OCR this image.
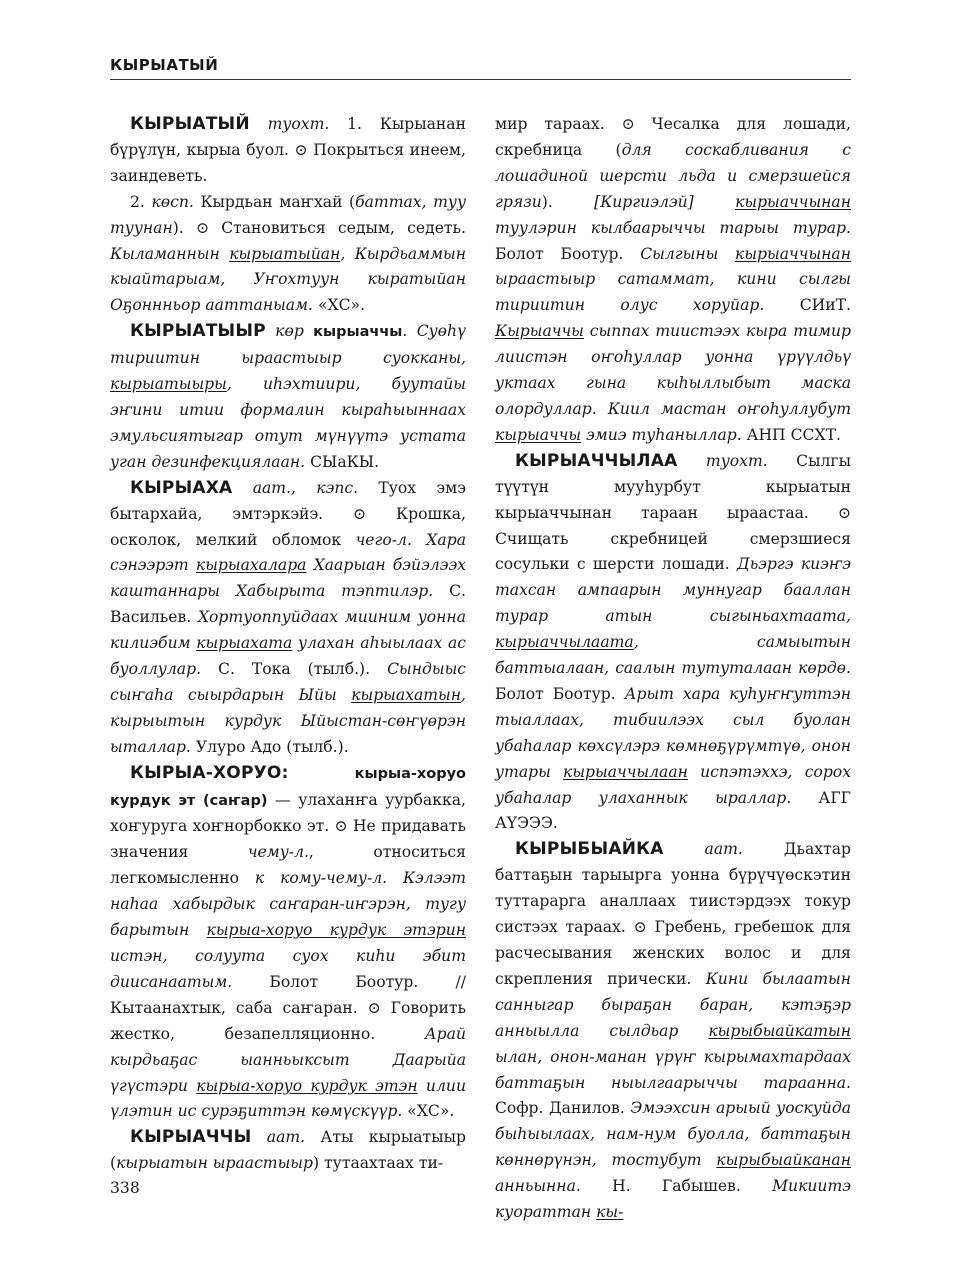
КЫРЫАТЫЙ

КЫРЫАТЫЙ туохт. 1. Кырыанан бүрүлүн, кырыа буол. ⊙ Покрыться инеем, заиндеветь.

2. көсп. Кырдьан маҥхай (баттах, туу туунан). ⊙ Становиться седым, седеть. Кыламаннын кырыатыйан, Кырдьаммын кыайтарыам, Уҥохтуун кыратыйан Оҕоннньор ааттаныам. «ХС».

КЫРЫАТЫЫР көр кырыаччы. Суөһү тириитин ыраастыыр суокканы, кырыатыыры, иһэхтиири, буутайы эҥини итии формалин кыраһыыннаах эмульсиятыгар отут мүнүүтэ устата уган дезинфекциялаан. СЫаКЫ.

КЫРЫАХА аат., кэпс. Туох эмэ бытархайа, эмтэркэйэ. ⊙ Крошка, осколок, мелкий обломок чего-л. Хара сэнээрэт кырыахалара Хаарыан бэйэлээх каштаннары Хабырыта тэптилэр. С. Васильев. Хортуоппуйдаах мииним уонна килиэбим кырыахата улахан аһыылаах ас буоллулар. С. Тока (тылб.). Сындыыс сыҥаһа сыырдарын Ыйы кырыахатын, кырыытын курдук Ыйыстан-сөҥүөрэн ыталлар. Улуро Адо (тылб.).

КЫРЫА-ХОРУО: кырыа-хоруо курдук эт (саҥар) — улаханҥа уурбакка, хоҥуруга хоҥнорбокко эт. ⊙ Не придавать значения чему-л., относиться легкомысленно к кому-чему-л. Кэлээт наһаа хабырдык саҥаран-иҥэрэн, тугу барытын кырыа-хоруо курдук этэрин истэн, солуута суох киһи эбит диисанаатым. Болот Боотур. // Кытаанахтык, саба саҥаран. ⊙ Говорить жестко, безапелляционно. Арай кырдьаҕас ыанньыксыт Даарыйа үгүстэри кырыа-хоруо курдук этэн илии үлэтин ис сурэҕиттэн көмүскүүр. «ХС».

КЫРЫАЧЧЫ аат. Аты кырыатыыр (кырыатын ыраастыыр) тутаахтаах ти-

мир тараах. ⊙ Чесалка для лошади, скребница (для соскабливания с лошадиной шерсти льда и смерзшейся грязи). [Киргиэлэй] кырыаччынан туулэрин кылбаарыччы тарыы турар. Болот Боотур. Сылгыны кырыаччынан ыраастыыр сатаммат, кини сылгы тириитин олус хоруйар. СИиТ. Кырыаччы сыппах тиистээх кыра тимир лиистэн оҥоһуллар уонна үрүүлдьү уктаах гына кыһыллыбыт маска олордуллар. Киил мастан оҥоһуллубут кырыаччы эмиэ туһаныллар. АНП ССХТ.

КЫРЫАЧЧЫЛАА туохт. Сылгы түүтүн мууһурбут кырыатын кырыаччынан тараан ыраастаа. ⊙ Счищать скребницей смерзшиеся сосульки с шерсти лошади. Дьэргэ киэҥэ тахсан ампаарын муннугар бааллан турар атын сыгыньахтаата, кырыаччылаата, самыытын баттыалаан, саалын тутуталаан көрдө. Болот Боотур. Арыт хара куһуҥҥуттэн тыаллаах, тибиилээх сыл буолан убаһалар көхсүлэрэ көмнөҕүрүмтүө, онон утары кырыаччылаан испэтэххэ, сорох убаһалар улаханнык ыраллар. АГГ АҮЭЭЭ.

КЫРЫБЫАЙКА аат. Дьахтар баттаҕын тарыырга уонна бүрүчүөскэтин туттарарга аналлаах тиистэрдээх токур систээх тараах. ⊙ Гребень, гребешок для расчесывания женских волос и для скрепления прически. Кини былаатын санныгар быраҕан баран, кэтэҕэр анныылла сылдьар кырыбыайкатын ылан, онон-манан үрүҥ кырымахтардаах баттаҕын ныылгаарыччы тарaанна. Софр. Данилов. Эмээхсин арыый уоскуйда быһыылаах, нам-нум буолла, баттаҕын көннөрүнэн, тостубут кырыбыайканан анньынна. Н. Габышев. Микиитэ куораттан кы-

338
